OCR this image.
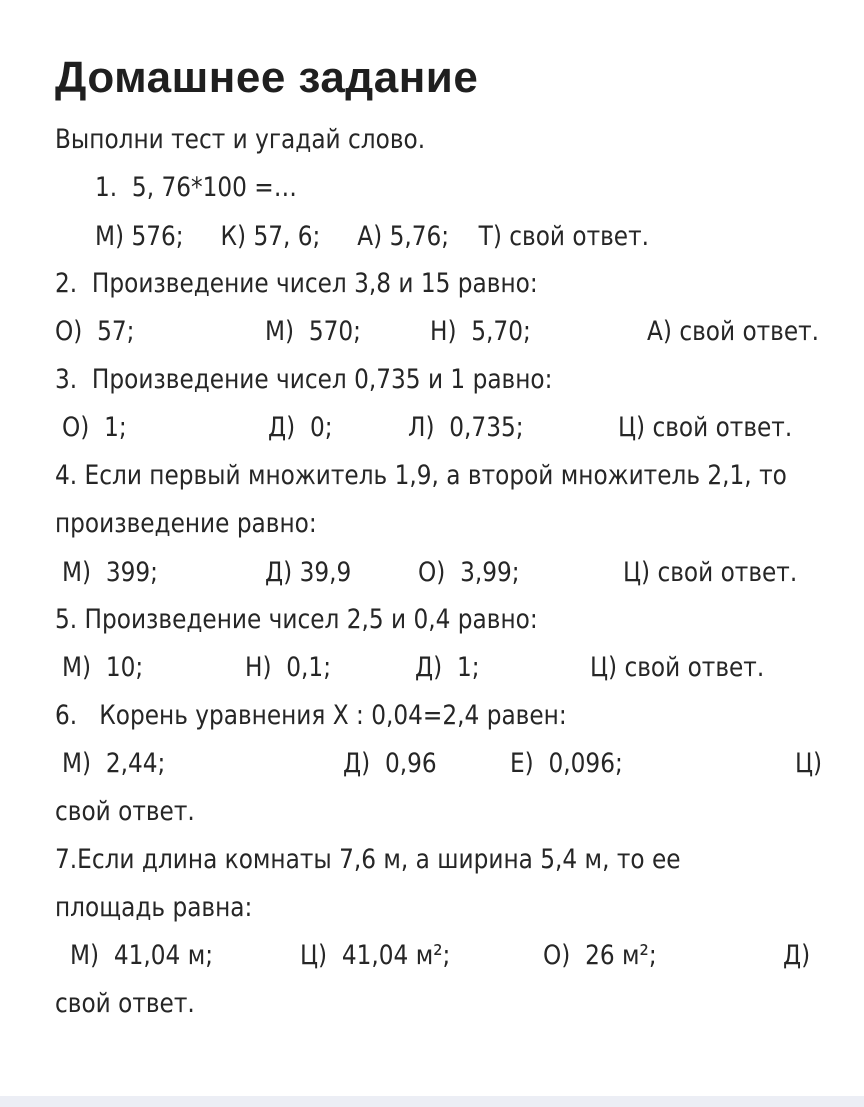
Домашнее задание
Выполни тест и угадай слово.
1.  5, 76*100 =…
М) 576;     К) 57, 6;     А) 5,76;    Т) свой ответ.
2.  Произведение чисел 3,8 и 15 равно:
О)  57;	М)  570;	Н)  5,70;	А) свой ответ.
3.  Произведение чисел 0,735 и 1 равно:
О)  1;	Д)  0;	Л)  0,735;	Ц) свой ответ.
4. Если первый множитель 1,9, а второй множитель 2,1, то
произведение равно:
М)  399;	Д) 39,9 О)  3,99;	Ц) свой ответ.
5. Произведение чисел 2,5 и 0,4 равно:
М)  10;	Н)  0,1;	Д)  1;	Ц) свой ответ.
6.   Корень уравнения Х : 0,04=2,4 равен:
М)  2,44;	Д)  0,96	Е)  0,096;	Ц)
свой ответ.
7.Если длина комнаты 7,6 м, а ширина 5,4 м, то ее
площадь равна:
М)  41,04 м;	Ц)  41,04 м²;	О)  26 м²;	Д)
свой ответ.
